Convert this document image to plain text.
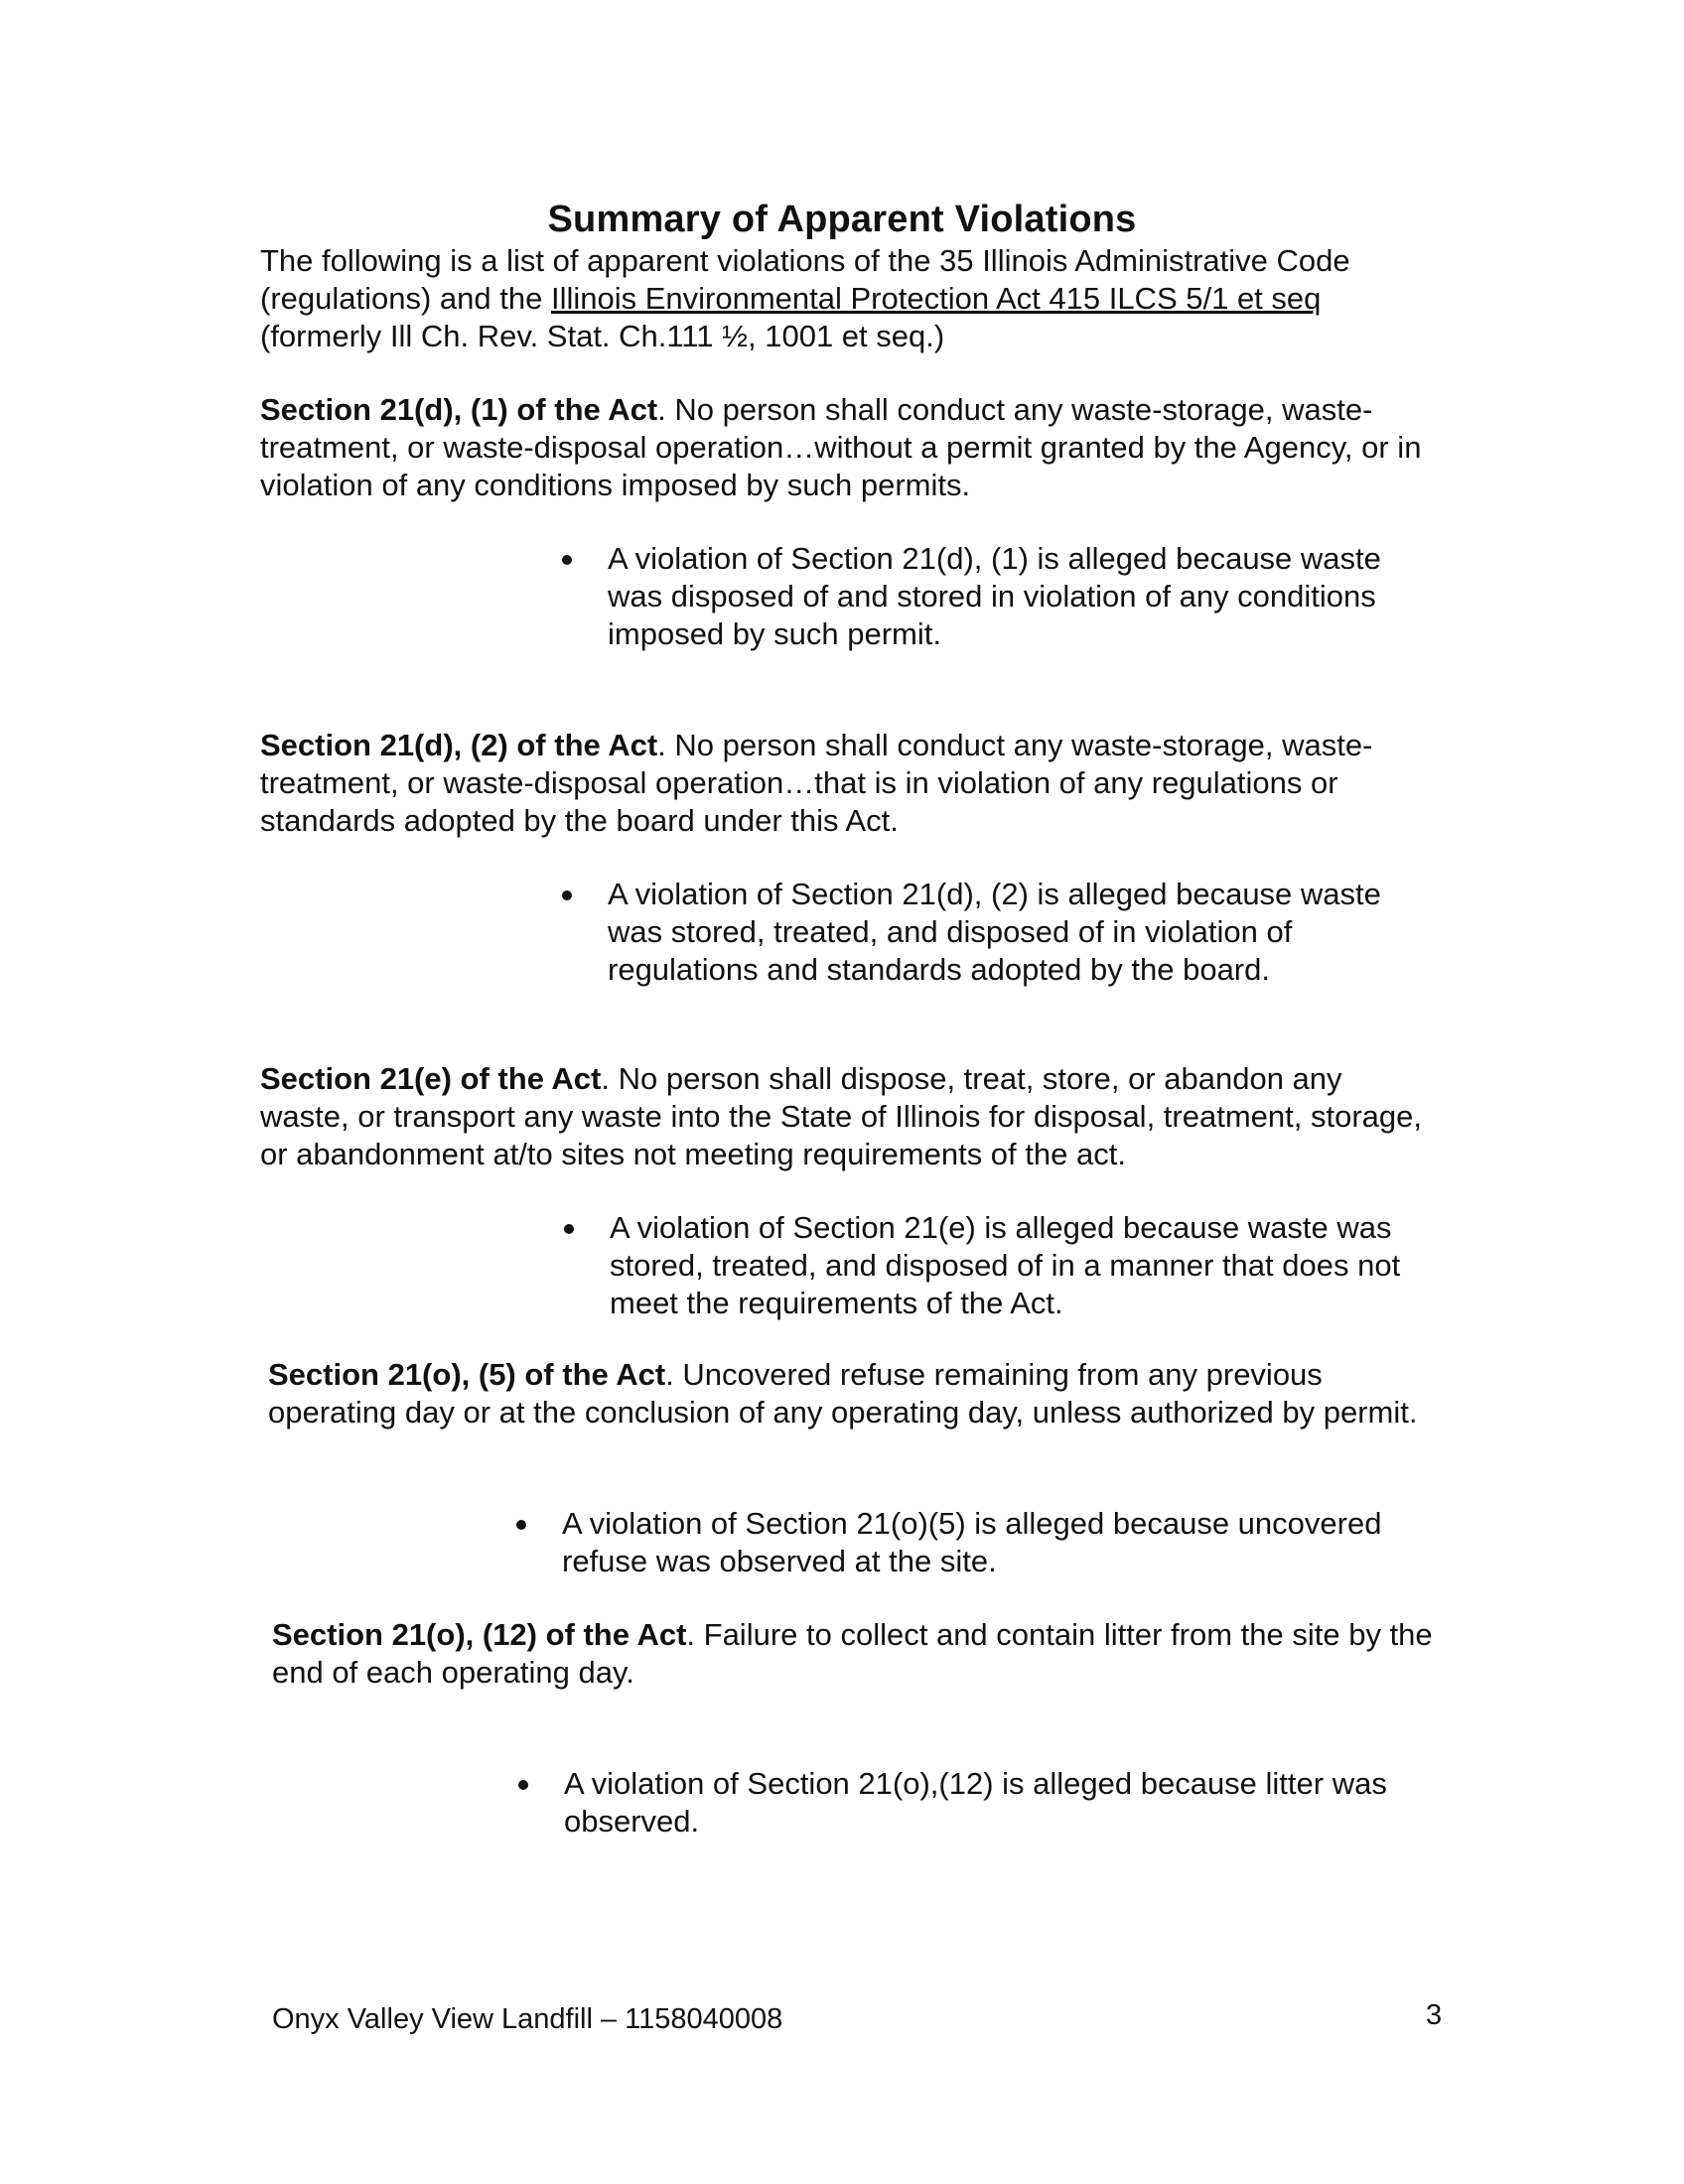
Summary of Apparent Violations
The following is a list of apparent violations of the 35 Illinois Administrative Code (regulations) and the Illinois Environmental Protection Act 415 ILCS 5/1 et seq (formerly Ill Ch. Rev. Stat. Ch.111 ½, 1001 et seq.)
Section 21(d), (1) of the Act. No person shall conduct any waste-storage, waste-treatment, or waste-disposal operation…without a permit granted by the Agency, or in violation of any conditions imposed by such permits.
A violation of Section 21(d), (1) is alleged because waste was disposed of and stored in violation of any conditions imposed by such permit.
Section 21(d), (2) of the Act. No person shall conduct any waste-storage, waste-treatment, or waste-disposal operation…that is in violation of any regulations or standards adopted by the board under this Act.
A violation of Section 21(d), (2) is alleged because waste was stored, treated, and disposed of in violation of regulations and standards adopted by the board.
Section 21(e) of the Act. No person shall dispose, treat, store, or abandon any waste, or transport any waste into the State of Illinois for disposal, treatment, storage, or abandonment at/to sites not meeting requirements of the act.
A violation of Section 21(e) is alleged because waste was stored, treated, and disposed of in a manner that does not meet the requirements of the Act.
Section 21(o), (5) of the Act. Uncovered refuse remaining from any previous operating day or at the conclusion of any operating day, unless authorized by permit.
A violation of Section 21(o)(5) is alleged because uncovered refuse was observed at the site.
Section 21(o), (12) of the Act. Failure to collect and contain litter from the site by the end of each operating day.
A violation of Section 21(o),(12) is alleged because litter was observed.
Onyx Valley View Landfill – 1158040008	3
